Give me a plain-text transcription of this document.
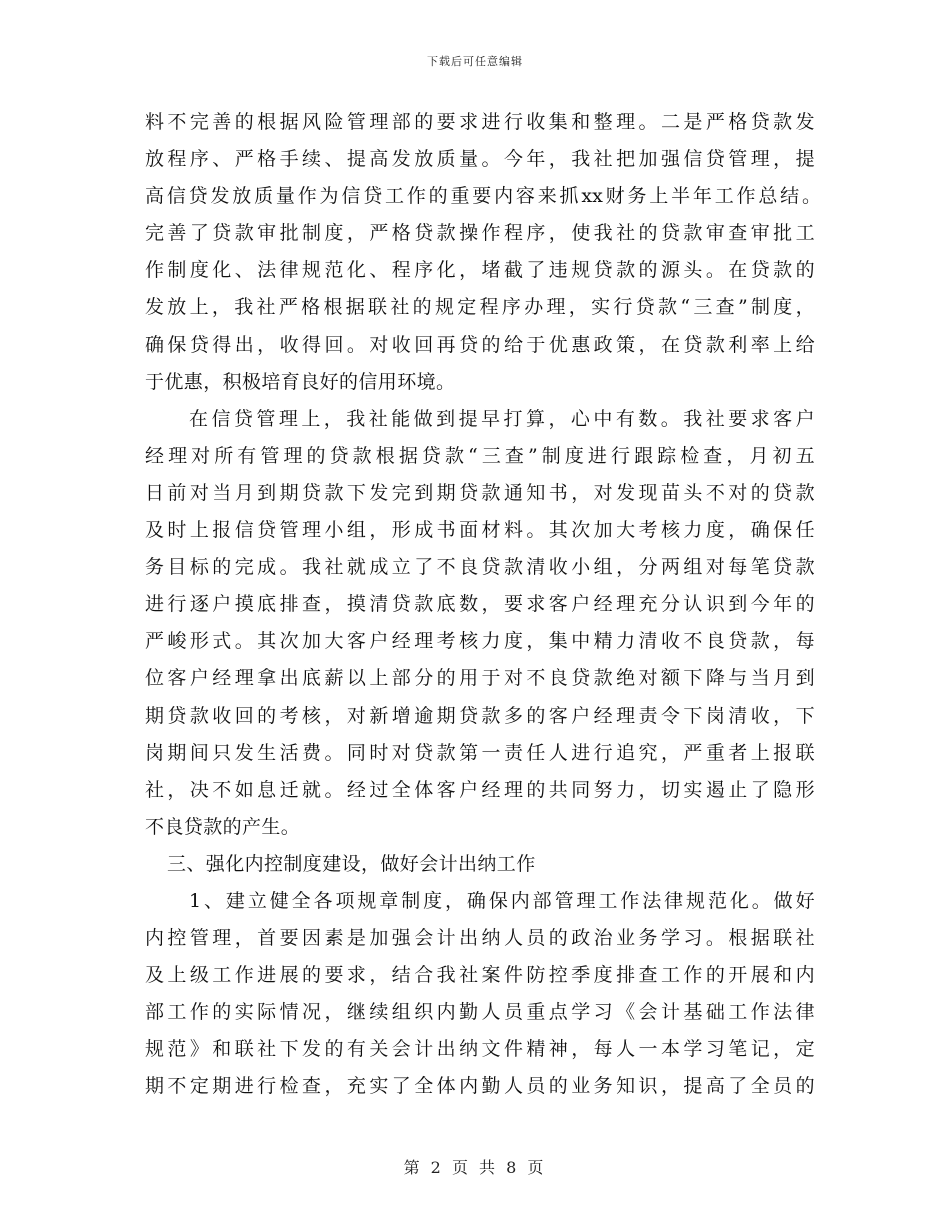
下载后可任意编辑
料不完善的根据风险管理部的要求进行收集和整理。二是严格贷款发
放程序、严格手续、提高发放质量。今年，我社把加强信贷管理，提
高信贷发放质量作为信贷工作的重要内容来抓xx财务上半年工作总结。
完善了贷款审批制度，严格贷款操作程序，使我社的贷款审查审批工
作制度化、法律规范化、程序化，堵截了违规贷款的源头。在贷款的
发放上，我社严格根据联社的规定程序办理，实行贷款“三查”制度，
确保贷得出，收得回。对收回再贷的给于优惠政策，在贷款利率上给
于优惠，积极培育良好的信用环境。
在信贷管理上，我社能做到提早打算，心中有数。我社要求客户
经理对所有管理的贷款根据贷款“三查”制度进行跟踪检查，月初五
日前对当月到期贷款下发完到期贷款通知书，对发现苗头不对的贷款
及时上报信贷管理小组，形成书面材料。其次加大考核力度，确保任
务目标的完成。我社就成立了不良贷款清收小组，分两组对每笔贷款
进行逐户摸底排查，摸清贷款底数，要求客户经理充分认识到今年的
严峻形式。其次加大客户经理考核力度，集中精力清收不良贷款，每
位客户经理拿出底薪以上部分的用于对不良贷款绝对额下降与当月到
期贷款收回的考核，对新增逾期贷款多的客户经理责令下岗清收，下
岗期间只发生活费。同时对贷款第一责任人进行追究，严重者上报联
社，决不如息迁就。经过全体客户经理的共同努力，切实遏止了隐形
不良贷款的产生。
三、强化内控制度建设，做好会计出纳工作
1、建立健全各项规章制度，确保内部管理工作法律规范化。做好
内控管理，首要因素是加强会计出纳人员的政治业务学习。根据联社
及上级工作进展的要求，结合我社案件防控季度排查工作的开展和内
部工作的实际情况，继续组织内勤人员重点学习《会计基础工作法律
规范》和联社下发的有关会计出纳文件精神，每人一本学习笔记，定
期不定期进行检查，充实了全体内勤人员的业务知识，提高了全员的
第 2 页 共 8 页
